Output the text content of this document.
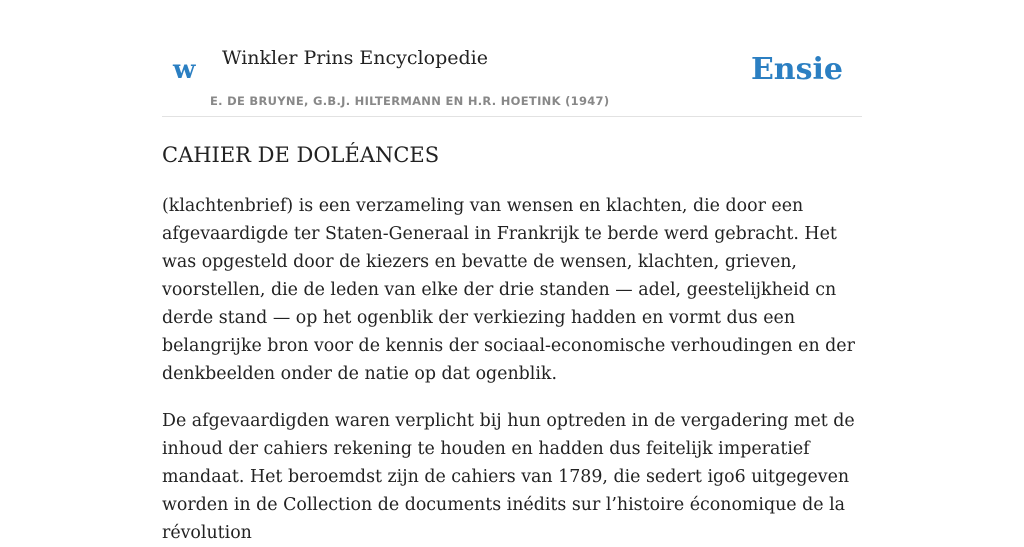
w Winkler Prins Encyclopedie
E. DE BRUYNE, G.B.J. HILTERMANN EN H.R. HOETINK (1947)
Ensie
CAHIER DE DOLÉANCES

(klachtenbrief) is een verzameling van wensen en klachten, die door een afgevaardigde ter Staten-Generaal in Frankrijk te berde werd gebracht. Het was opgesteld door de kiezers en bevatte de wensen, klachten, grieven, voorstellen, die de leden van elke der drie standen — adel, geestelijkheid cn derde stand — op het ogenblik der verkiezing hadden en vormt dus een belangrijke bron voor de kennis der sociaal-economische verhoudingen en der denkbeelden onder de natie op dat ogenblik.

De afgevaardigden waren verplicht bij hun optreden in de vergadering met de inhoud der cahiers rekening te houden en hadden dus feitelijk imperatief mandaat. Het beroemdst zijn de cahiers van 1789, die sedert igo6 uitgegeven worden in de Collection de documents inédits sur l’histoire économique de la révolution
